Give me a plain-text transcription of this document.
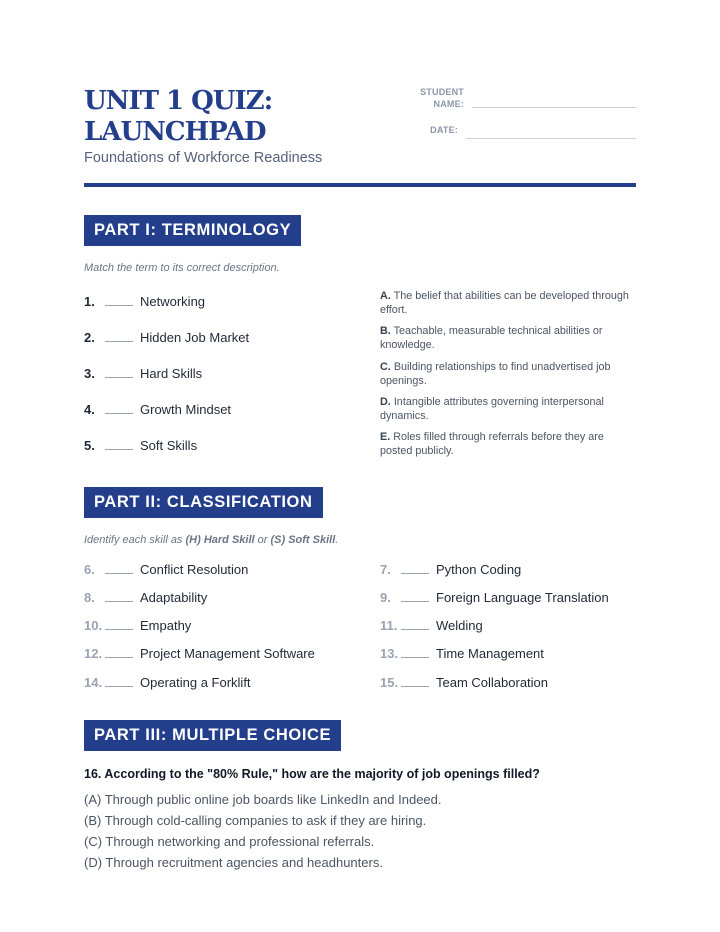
UNIT 1 QUIZ:
LAUNCHPAD
Foundations of Workforce Readiness
STUDENT
NAME:
DATE:
PART I: TERMINOLOGY
Match the term to its correct description.
1.	Networking
2.	Hidden Job Market
3.	Hard Skills
4.	Growth Mindset
5.	Soft Skills
A. The belief that abilities can be developed through effort.
B. Teachable, measurable technical abilities or knowledge.
C. Building relationships to find unadvertised job openings.
D. Intangible attributes governing interpersonal dynamics.
E. Roles filled through referrals before they are posted publicly.
PART II: CLASSIFICATION
Identify each skill as (H) Hard Skill or (S) Soft Skill.
6.	Conflict Resolution
8.	Adaptability
10.	Empathy
12.	Project Management Software
14.	Operating a Forklift
7.	Python Coding
9.	Foreign Language Translation
11.	Welding
13.	Time Management
15.	Team Collaboration
PART III: MULTIPLE CHOICE
16. According to the "80% Rule," how are the majority of job openings filled?
(A) Through public online job boards like LinkedIn and Indeed.
(B) Through cold-calling companies to ask if they are hiring.
(C) Through networking and professional referrals.
(D) Through recruitment agencies and headhunters.
